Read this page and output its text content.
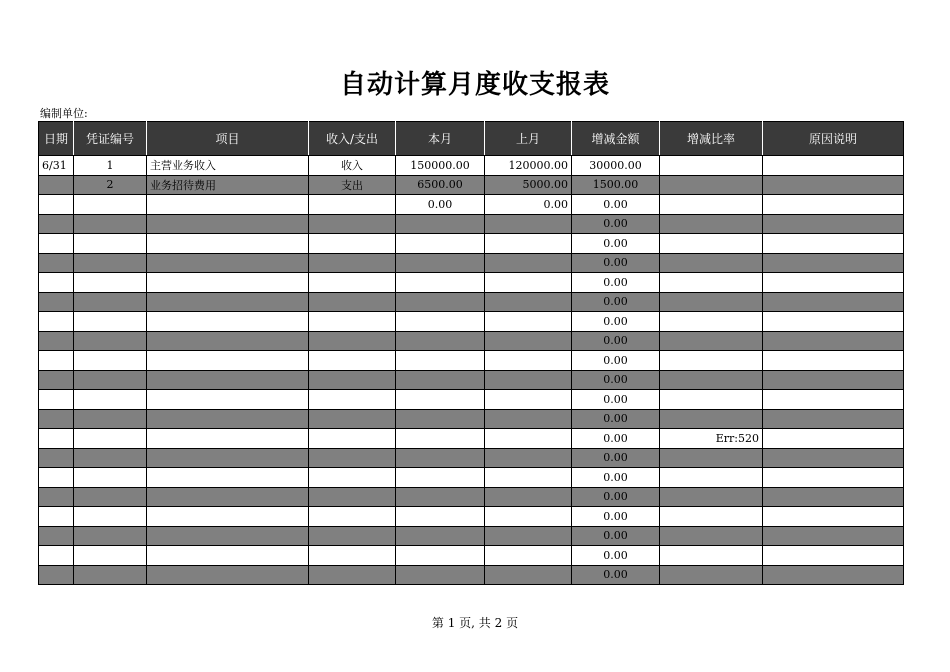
自动计算月度收支报表
编制单位:
日期	凭证编号	项目	收入/支出	本月	上月	增减金额	增减比率	原因说明
6/31	1	主营业务收入	收入	150000.00	120000.00	30000.00		
	2	业务招待费用	支出	6500.00	5000.00	1500.00		
				0.00	0.00	0.00		
						0.00		
						0.00		
						0.00		
						0.00		
						0.00		
						0.00		
						0.00		
						0.00		
						0.00		
						0.00		
						0.00		
						0.00	Err:520	
						0.00		
						0.00		
						0.00		
						0.00		
						0.00		
						0.00		
						0.00		
第 1 页, 共 2 页
